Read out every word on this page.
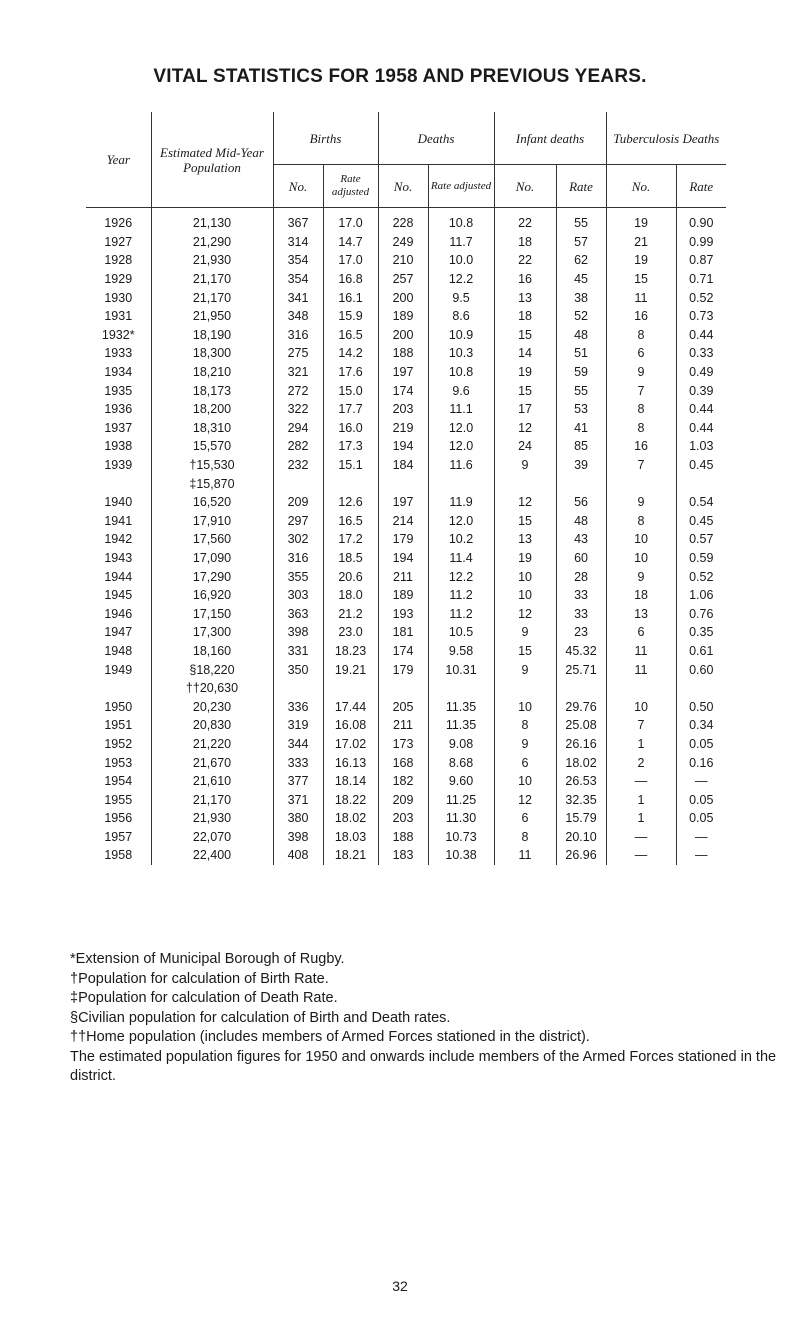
VITAL STATISTICS FOR 1958 AND PREVIOUS YEARS.
Year	Estimated Mid-Year Population	Births		Deaths		Infant deaths		Tuberculosis Deaths	
		No.	Rate adjusted	No.	Rate adjusted	No.	Rate	No.	Rate
1926	21,130	367	17.0	228	10.8	22	55	19	0.90
1927	21,290	314	14.7	249	11.7	18	57	21	0.99
1928	21,930	354	17.0	210	10.0	22	62	19	0.87
1929	21,170	354	16.8	257	12.2	16	45	15	0.71
1930	21,170	341	16.1	200	9.5	13	38	11	0.52
1931	21,950	348	15.9	189	8.6	18	52	16	0.73
1932*	18,190	316	16.5	200	10.9	15	48	8	0.44
1933	18,300	275	14.2	188	10.3	14	51	6	0.33
1934	18,210	321	17.6	197	10.8	19	59	9	0.49
1935	18,173	272	15.0	174	9.6	15	55	7	0.39
1936	18,200	322	17.7	203	11.1	17	53	8	0.44
1937	18,310	294	16.0	219	12.0	12	41	8	0.44
1938	15,570	282	17.3	194	12.0	24	85	16	1.03
1939	†15,530	232	15.1	184	11.6	9	39	7	0.45
	‡15,870								
1940	16,520	209	12.6	197	11.9	12	56	9	0.54
1941	17,910	297	16.5	214	12.0	15	48	8	0.45
1942	17,560	302	17.2	179	10.2	13	43	10	0.57
1943	17,090	316	18.5	194	11.4	19	60	10	0.59
1944	17,290	355	20.6	211	12.2	10	28	9	0.52
1945	16,920	303	18.0	189	11.2	10	33	18	1.06
1946	17,150	363	21.2	193	11.2	12	33	13	0.76
1947	17,300	398	23.0	181	10.5	9	23	6	0.35
1948	18,160	331	18.23	174	9.58	15	45.32	11	0.61
1949	§18,220	350	19.21	179	10.31	9	25.71	11	0.60
	††20,630								
1950	20,230	336	17.44	205	11.35	10	29.76	10	0.50
1951	20,830	319	16.08	211	11.35	8	25.08	7	0.34
1952	21,220	344	17.02	173	9.08	9	26.16	1	0.05
1953	21,670	333	16.13	168	8.68	6	18.02	2	0.16
1954	21,610	377	18.14	182	9.60	10	26.53	—	—
1955	21,170	371	18.22	209	11.25	12	32.35	1	0.05
1956	21,930	380	18.02	203	11.30	6	15.79	1	0.05
1957	22,070	398	18.03	188	10.73	8	20.10	—	—
1958	22,400	408	18.21	183	10.38	11	26.96	—	—

*Extension of Municipal Borough of Rugby.

†Population for calculation of Birth Rate.

‡Population for calculation of Death Rate.

§Civilian population for calculation of Birth and Death rates.

††Home population (includes members of Armed Forces stationed in the district).

The estimated population figures for 1950 and onwards include members of the Armed Forces stationed in the district.

32
